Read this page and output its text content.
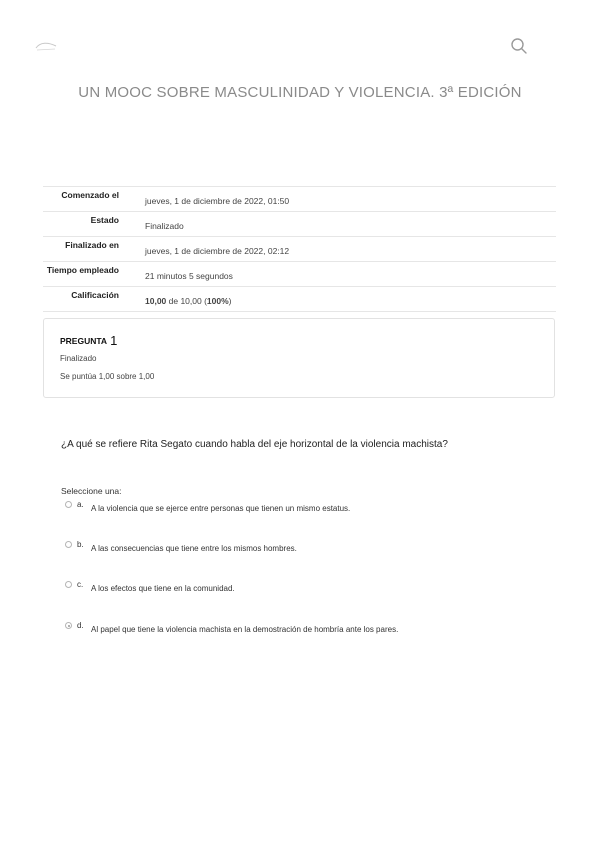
UN MOOC SOBRE MASCULINIDAD Y VIOLENCIA. 3ª EDICIÓN
Comenzado el	jueves, 1 de diciembre de 2022, 01:50
Estado	Finalizado
Finalizado en	jueves, 1 de diciembre de 2022, 02:12
Tiempo empleado	21 minutos 5 segundos
Calificación	10,00 de 10,00 (100%)
PREGUNTA 1
Finalizado
Se puntúa 1,00 sobre 1,00
¿A qué se refiere Rita Segato cuando habla del eje horizontal de la violencia machista?
Seleccione una:
a. A la violencia que se ejerce entre personas que tienen un mismo estatus.
b. A las consecuencias que tiene entre los mismos hombres.
c. A los efectos que tiene en la comunidad.
d. Al papel que tiene la violencia machista en la demostración de hombría ante los pares.
